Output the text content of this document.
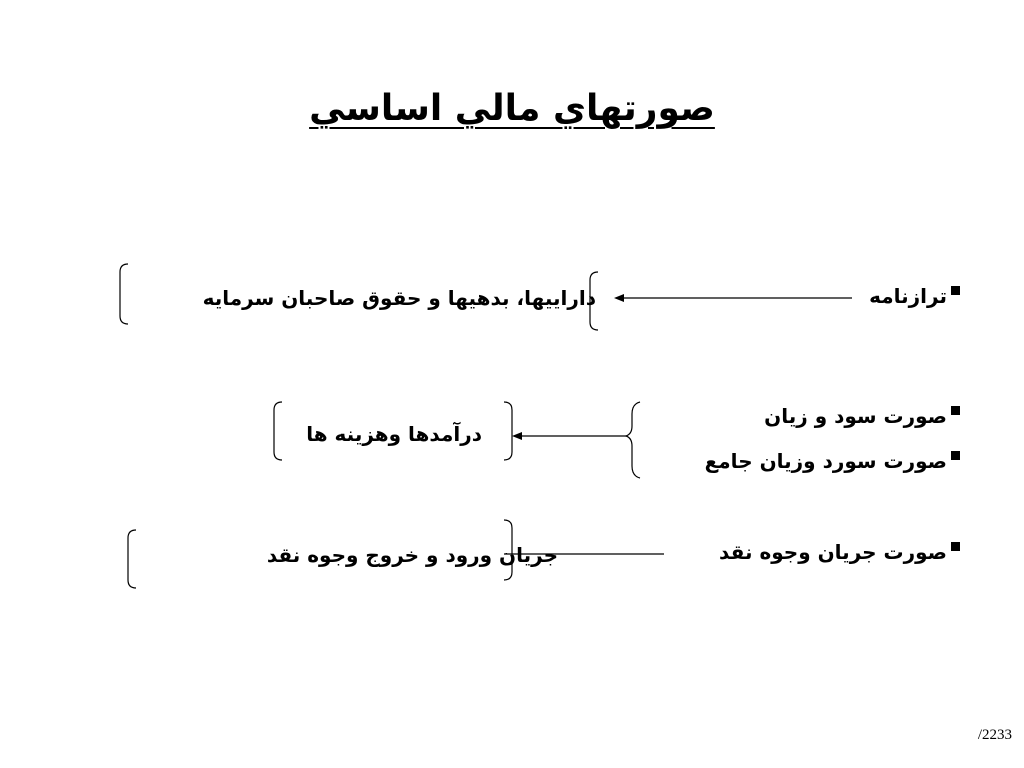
صورتهاي مالي اساسي
ترازنامه
صورت سود و زيان
صورت سورد وزيان جامع
صورت جريان وجوه نقد
داراييها، بدهيها و حقوق صاحبان سرمايه
درآمدها وهزينه ها
جريان ورود و خروج وجوه نقد
/2233
